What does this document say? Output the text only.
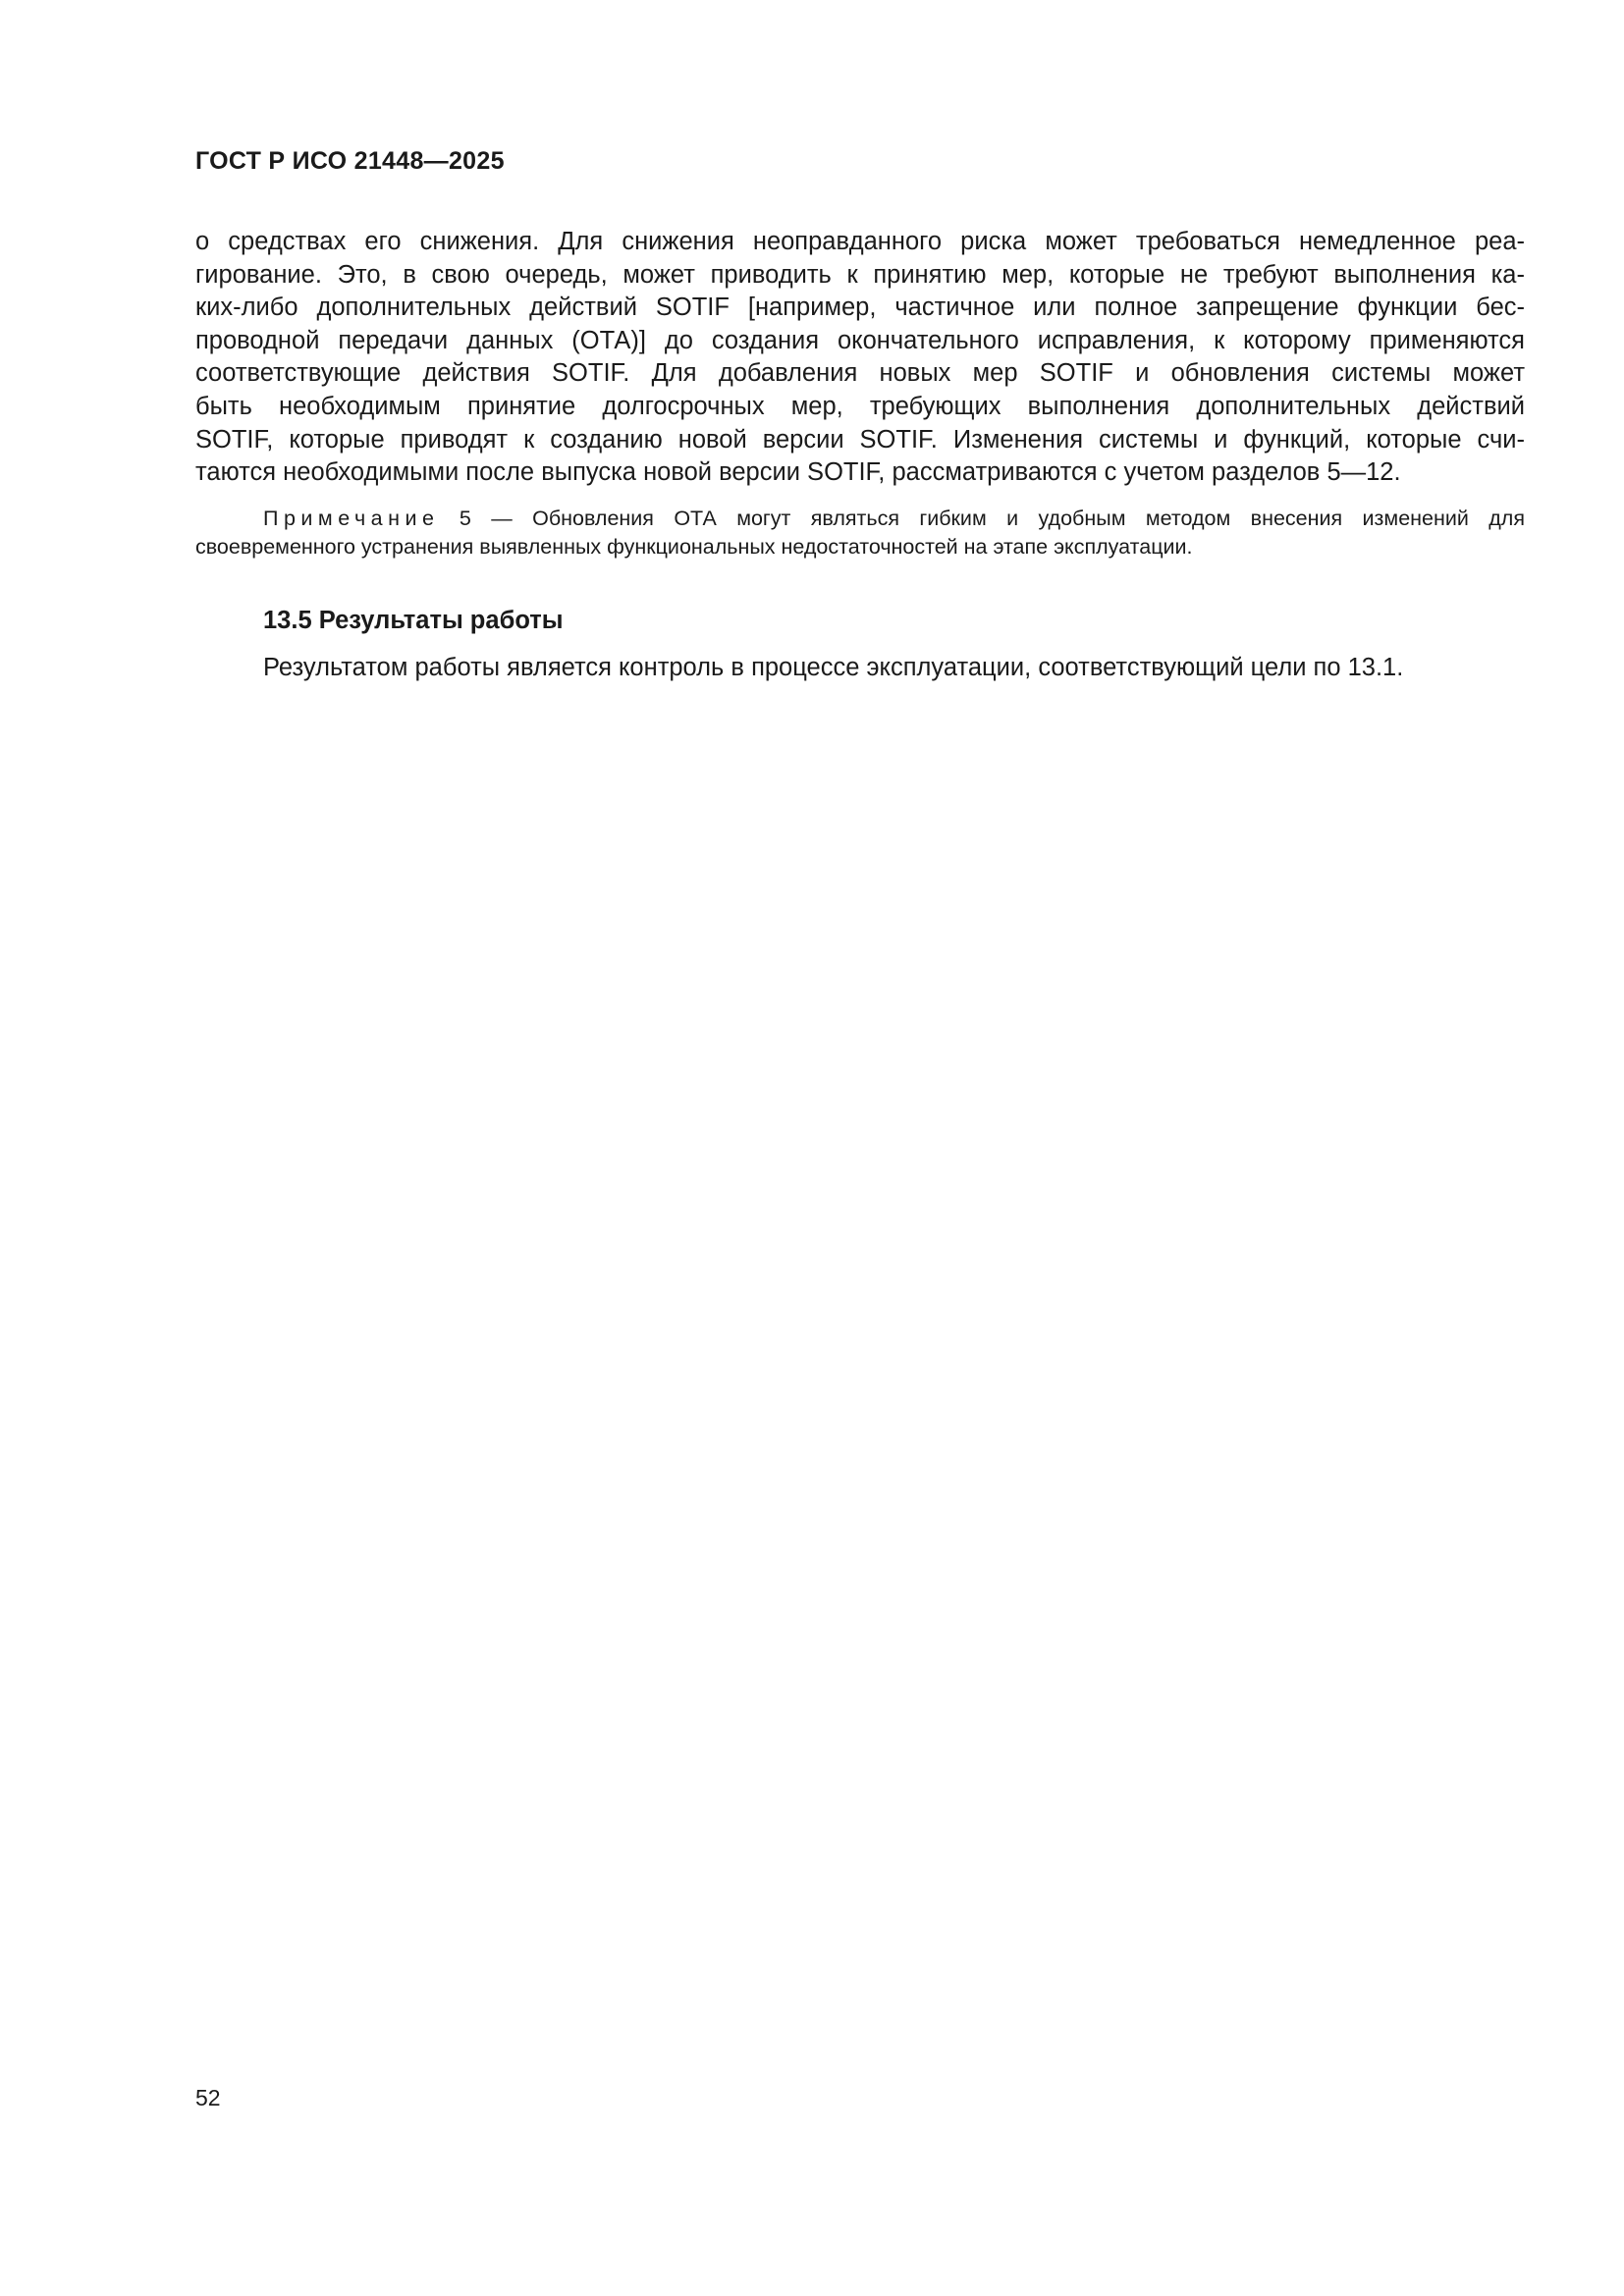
ГОСТ Р ИСО 21448—2025
о средствах его снижения. Для снижения неоправданного риска может требоваться немедленное реа-
гирование. Это, в свою очередь, может приводить к принятию мер, которые не требуют выполнения ка-
ких-либо дополнительных действий SOTIF [например, частичное или полное запрещение функции бес-
проводной передачи данных (ОТА)] до создания окончательного исправления, к которому применяются
соответствующие действия SOTIF. Для добавления новых мер SOTIF и обновления системы может
быть необходимым принятие долгосрочных мер, требующих выполнения дополнительных действий
SOTIF, которые приводят к созданию новой версии SOTIF. Изменения системы и функций, которые счи-
таются необходимыми после выпуска новой версии SOTIF, рассматриваются с учетом разделов 5—12.
Примечание 5 — Обновления ОТА могут являться гибким и удобным методом внесения изменений для
своевременного устранения выявленных функциональных недостаточностей на этапе эксплуатации.
13.5 Результаты работы
Результатом работы является контроль в процессе эксплуатации, соответствующий цели по 13.1.
52
